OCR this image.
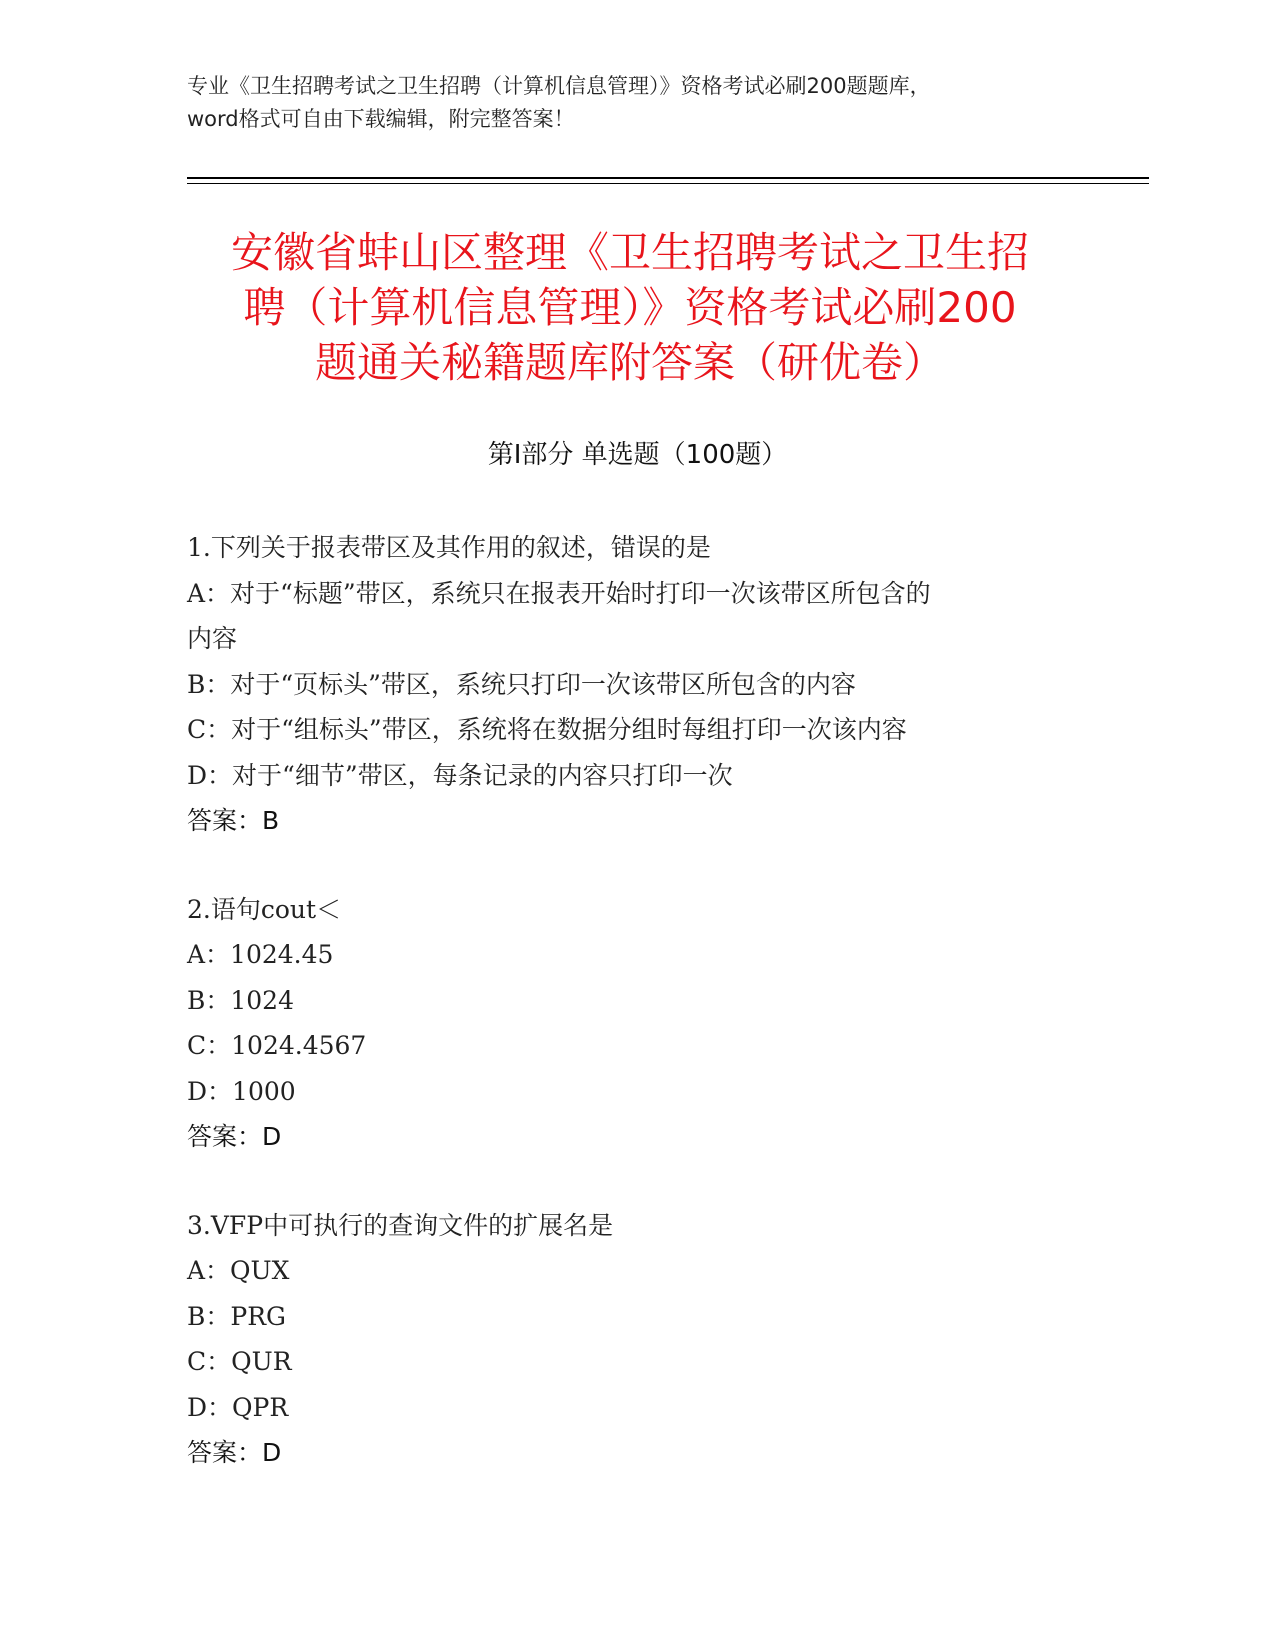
专业《卫生招聘考试之卫生招聘（计算机信息管理）》资格考试必刷200题题库，
word格式可自由下载编辑，附完整答案！
安徽省蚌山区整理《卫生招聘考试之卫生招
聘（计算机信息管理）》资格考试必刷200
题通关秘籍题库附答案（研优卷）
第Ⅰ部分 单选题（100题）
1.下列关于报表带区及其作用的叙述，错误的是
A：对于“标题”带区，系统只在报表开始时打印一次该带区所包含的
内容
B：对于“页标头”带区，系统只打印一次该带区所包含的内容
C：对于“组标头”带区，系统将在数据分组时每组打印一次该内容
D：对于“细节”带区，每条记录的内容只打印一次
答案：B
2.语句cout＜
A：1024.45
B：1024
C：1024.4567
D：1000
答案：D
3.VFP中可执行的查询文件的扩展名是
A：QUX
B：PRG
C：QUR
D：QPR
答案：D
